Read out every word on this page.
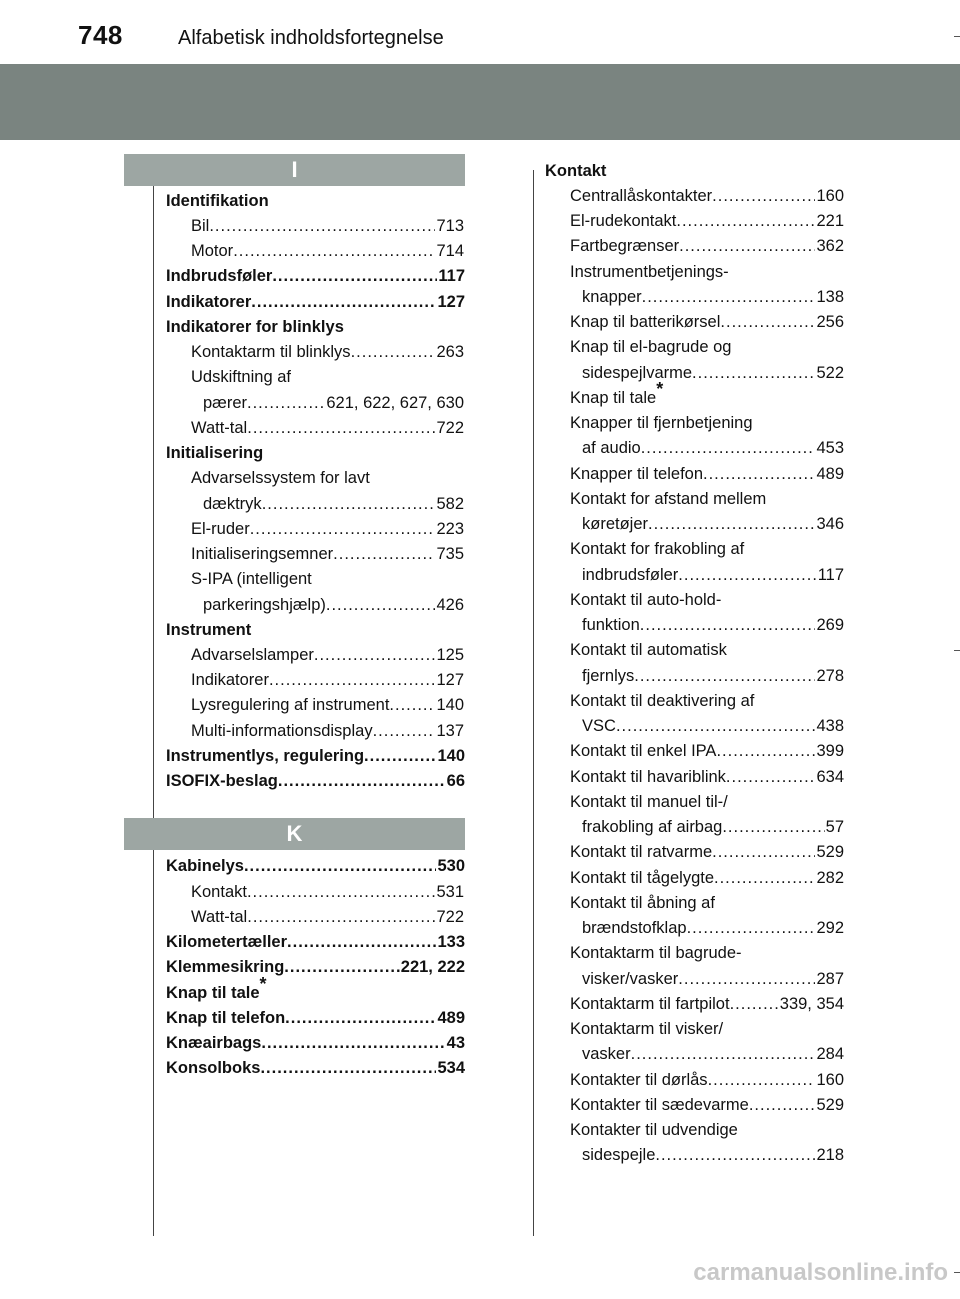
748	Alfabetisk indholdsfortegnelse
I
K
Identifikation
Bil .....	713
Motor .....	714
Indbrudsføler .....	117
Indikatorer .....	127
Indikatorer for blinklys
Kontaktarm til blinklys .....	263
Udskiftning af
pærer .....	621, 622, 627, 630
Watt-tal .....	722
Initialisering
Advarselssystem for lavt
dæktryk .....	582
El-ruder .....	223
Initialiseringsemner .....	735
S-IPA (intelligent
parkeringshjælp) .....	426
Instrument
Advarselslamper .....	125
Indikatorer .....	127
Lysregulering af instrument .....	140
Multi-informationsdisplay .....	137
Instrumentlys, regulering .....	140
ISOFIX-beslag .....	66
Kabinelys .....	530
Kontakt .....	531
Watt-tal .....	722
Kilometertæller .....	133
Klemmesikring .....	221, 222
Knap til tale*
Knap til telefon .....	489
Knæairbags .....	43
Konsolboks .....	534
Kontakt
Centrallåskontakter .....	160
El-rudekontakt .....	221
Fartbegrænser .....	362
Instrumentbetjenings-
knapper .....	138
Knap til batterikørsel .....	256
Knap til el-bagrude og
sidespejlvarme .....	522
Knap til tale*
Knapper til fjernbetjening
af audio .....	453
Knapper til telefon .....	489
Kontakt for afstand mellem
køretøjer .....	346
Kontakt for frakobling af
indbrudsføler .....	117
Kontakt til auto-hold-
funktion .....	269
Kontakt til automatisk
fjernlys .....	278
Kontakt til deaktivering af
VSC .....	438
Kontakt til enkel IPA .....	399
Kontakt til havariblink .....	634
Kontakt til manuel til-/
frakobling af airbag .....	57
Kontakt til ratvarme .....	529
Kontakt til tågelygte .....	282
Kontakt til åbning af
brændstofklap .....	292
Kontaktarm til bagrude-
visker/vasker .....	287
Kontaktarm til fartpilot .....	339, 354
Kontaktarm til visker/
vasker .....	284
Kontakter til dørlås .....	160
Kontakter til sædevarme .....	529
Kontakter til udvendige
sidespejle .....	218
carmanualsonline.info
